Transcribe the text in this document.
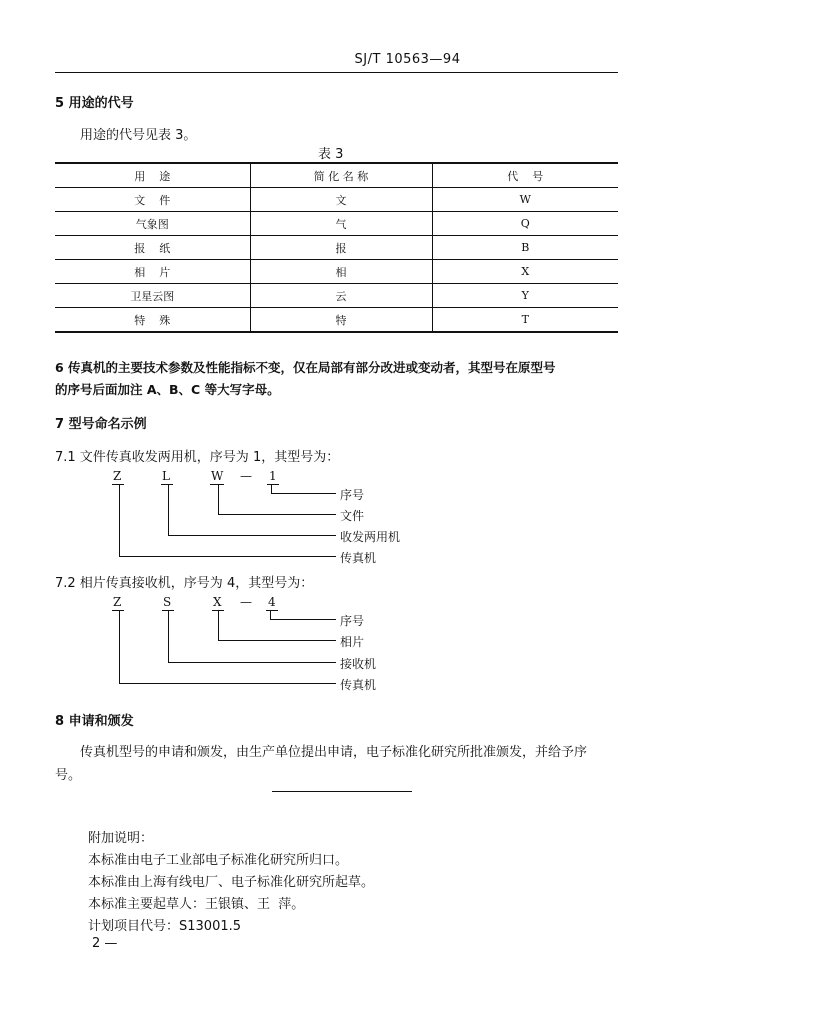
SJ/T 10563—94
5 用途的代号
用途的代号见表 3。
表 3
用    途	简 化 名 称	代    号
文    件	文	W
气象图	气	Q
报    纸	报	B
相    片	相	X
卫星云图	云	Y
特    殊	特	T
6 传真机的主要技术参数及性能指标不变，仅在局部有部分改进或变动者，其型号在原型号
的序号后面加注 A、B、C 等大写字母。
7 型号命名示例
7.1 文件传真收发两用机，序号为 1，其型号为：
Z	L	W — 1
序号
文件
收发两用机
传真机
7.2 相片传真接收机，序号为 4，其型号为：
Z	S	X — 4
序号
相片
接收机
传真机
8 申请和颁发
传真机型号的申请和颁发，由生产单位提出申请，电子标准化研究所批准颁发，并给予序
号。
附加说明：
本标准由电子工业部电子标准化研究所归口。
本标准由上海有线电厂、电子标准化研究所起草。
本标准主要起草人：王银镇、王  萍。
计划项目代号：S13001.5
2 —
